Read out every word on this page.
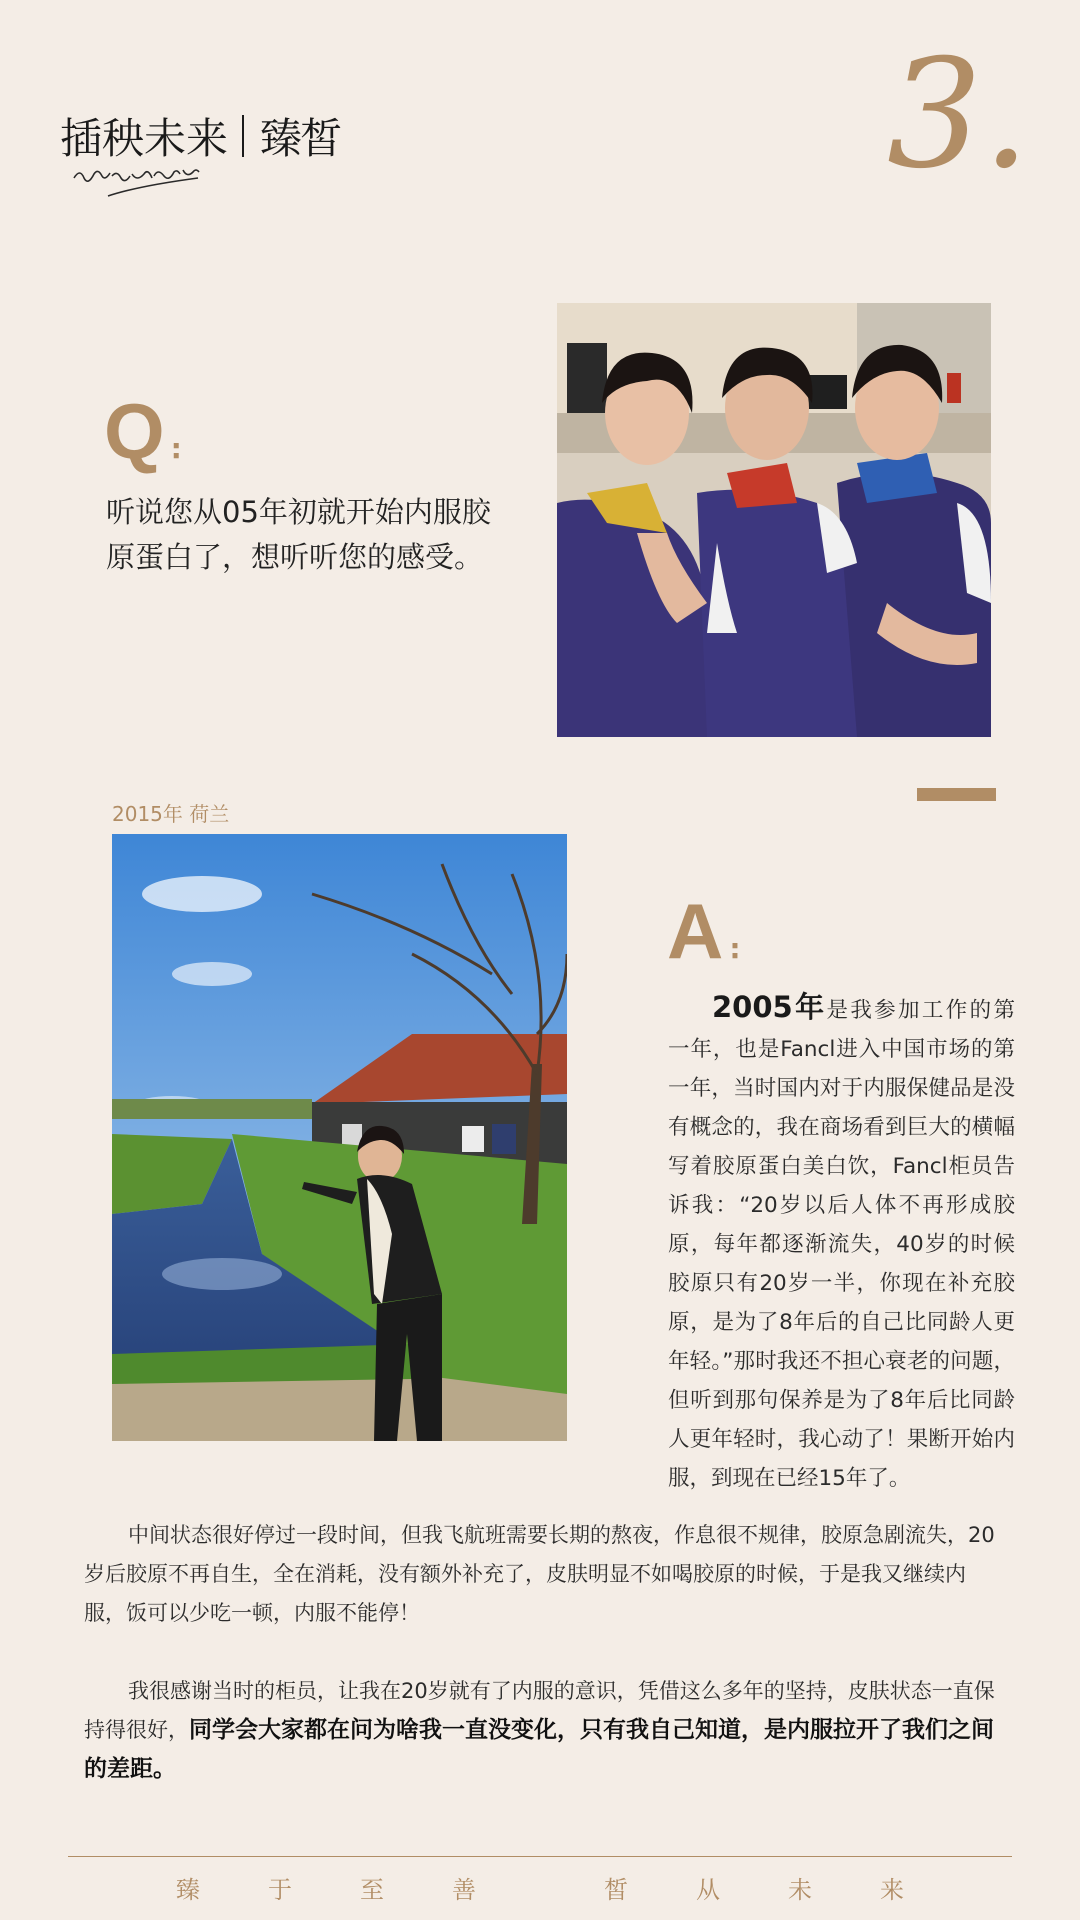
插秧未来 臻皙	3.
Q :
听说您从05年初就开始内服胶原蛋白了，想听听您的感受。
2015年 荷兰
A :
2005年是我参加工作的第一年，也是Fancl进入中国市场的第一年，当时国内对于内服保健品是没有概念的，我在商场看到巨大的横幅写着胶原蛋白美白饮，Fancl柜员告诉我：“20岁以后人体不再形成胶原，每年都逐渐流失，40岁的时候胶原只有20岁一半，你现在补充胶原，是为了8年后的自己比同龄人更年轻。”那时我还不担心衰老的问题，但听到那句保养是为了8年后比同龄人更年轻时，我心动了！果断开始内服，到现在已经15年了。
中间状态很好停过一段时间，但我飞航班需要长期的熬夜，作息很不规律，胶原急剧流失，20岁后胶原不再自生，全在消耗，没有额外补充了，皮肤明显不如喝胶原的时候，于是我又继续内服，饭可以少吃一顿，内服不能停！
我很感谢当时的柜员，让我在20岁就有了内服的意识，凭借这么多年的坚持，皮肤状态一直保持得很好，同学会大家都在问为啥我一直没变化，只有我自己知道，是内服拉开了我们之间的差距。
臻	于	至	善	皙	从	未	来
